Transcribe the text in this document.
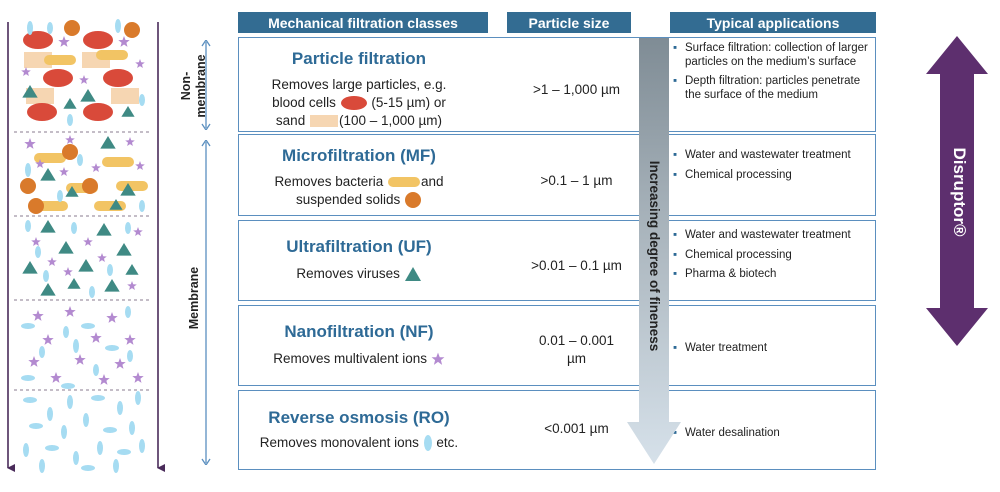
Non- membrane
Membrane
Mechanical filtration classes	Particle size	Typical applications
Particle filtration
Removes large particles, e.g.
blood cells	(5-15 µm) or
sand	(100 – 1,000 µm)
>1 – 1,000 µm
▪ Surface filtration: collection of larger particles on the medium’s surface
▪ Depth filtration: particles penetrate the surface of the medium
Microfiltration (MF)
Removes bacteria	and
suspended solids
>0.1 – 1 µm
▪ Water and wastewater treatment
▪ Chemical processing
Ultrafiltration (UF)
Removes viruses
>0.01 – 0.1 µm
▪ Water and wastewater treatment
▪ Chemical processing
▪ Pharma & biotech
Nanofiltration (NF)
Removes multivalent ions
0.01 – 0.001
µm
▪ Water treatment
Reverse osmosis (RO)
Removes monovalent ions etc.
<0.001 µm	▪ Water desalination
Increasing degree of fineness	Disruptor®
